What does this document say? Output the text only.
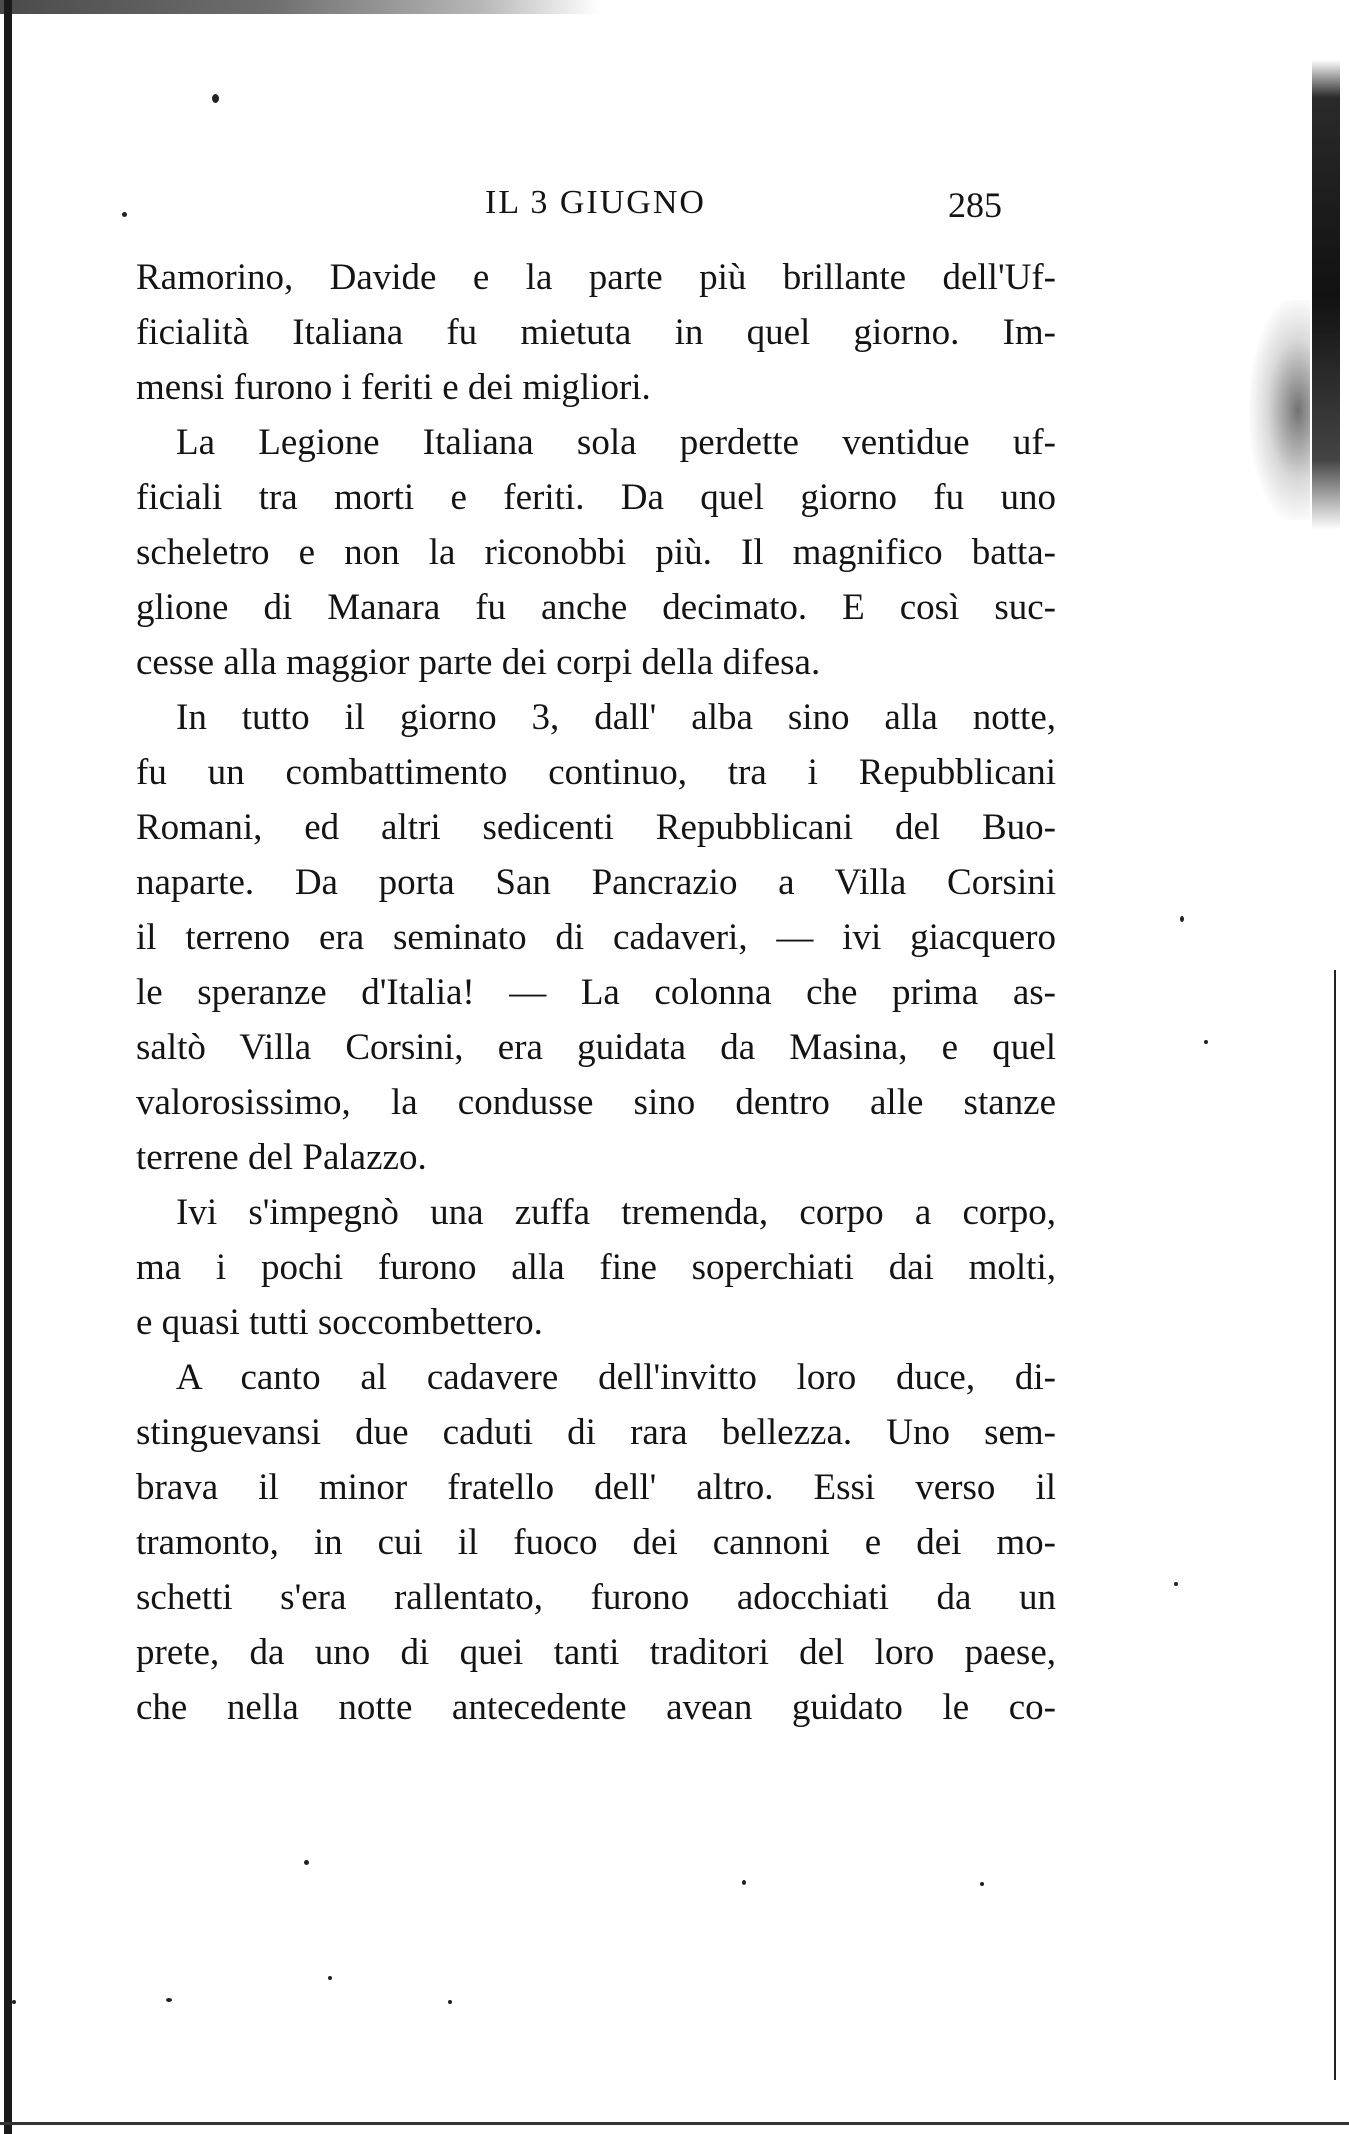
IL 3 GIUGNO	285
Ramorino, Davide e la parte più brillante dell'Uf-
ficialità Italiana fu mietuta in quel giorno. Im-
mensi furono i feriti e dei migliori.
La Legione Italiana sola perdette ventidue uf-
ficiali tra morti e feriti. Da quel giorno fu uno
scheletro e non la riconobbi più. Il magnifico batta-
glione di Manara fu anche decimato. E così suc-
cesse alla maggior parte dei corpi della difesa.
In tutto il giorno 3, dall' alba sino alla notte,
fu un combattimento continuo, tra i Repubblicani
Romani, ed altri sedicenti Repubblicani del Buo-
naparte. Da porta San Pancrazio a Villa Corsini
il terreno era seminato di cadaveri, — ivi giacquero
le speranze d'Italia! — La colonna che prima as-
saltò Villa Corsini, era guidata da Masina, e quel
valorosissimo, la condusse sino dentro alle stanze
terrene del Palazzo.
Ivi s'impegnò una zuffa tremenda, corpo a corpo,
ma i pochi furono alla fine soperchiati dai molti,
e quasi tutti soccombettero.
A canto al cadavere dell'invitto loro duce, di-
stinguevansi due caduti di rara bellezza. Uno sem-
brava il minor fratello dell' altro. Essi verso il
tramonto, in cui il fuoco dei cannoni e dei mo-
schetti s'era rallentato, furono adocchiati da un
prete, da uno di quei tanti traditori del loro paese,
che nella notte antecedente avean guidato le co-
